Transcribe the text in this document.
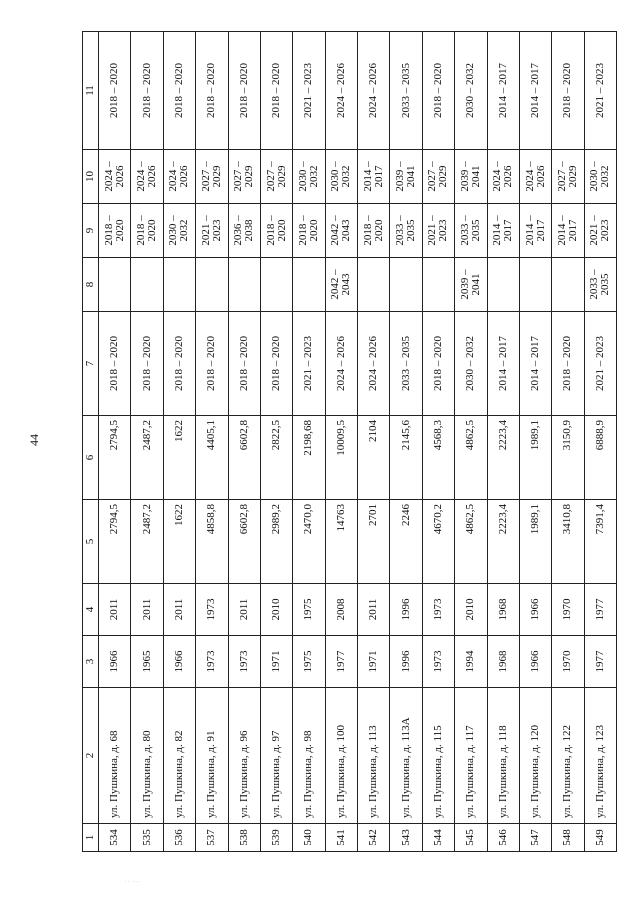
44
1	2	3	4	5	6	7	8	9	10	11
534	ул. Пушкина, д. 68	1966	2011	2794,5	2794,5	2018 – 2020		2018 – 2020	2024 – 2026	2018 – 2020
535	ул. Пушкина, д. 80	1965	2011	2487,2	2487,2	2018 – 2020		2018 – 2020	2024 – 2026	2018 – 2020
536	ул. Пушкина, д. 82	1966	2011	1622	1622	2018 – 2020		2030 – 2032	2024 – 2026	2018 – 2020
537	ул. Пушкина, д. 91	1973	1973	4858,8	4405,1	2018 – 2020		2021 – 2023	2027 – 2029	2018 – 2020
538	ул. Пушкина, д. 96	1973	2011	6602,8	6602,8	2018 – 2020		2036 – 2038	2027 – 2029	2018 – 2020
539	ул. Пушкина, д. 97	1971	2010	2989,2	2822,5	2018 – 2020		2018 – 2020	2027 – 2029	2018 – 2020
540	ул. Пушкина, д. 98	1975	1975	2470,0	2198,68	2021 – 2023		2018 – 2020	2030 – 2032	2021 – 2023
541	ул. Пушкина, д. 100	1977	2008	14763	10009,5	2024 – 2026	2042 – 2043	2042 – 2043	2030 – 2032	2024 – 2026
542	ул. Пушкина, д. 113	1971	2011	2701	2104	2024 – 2026		2018 – 2020	2014 – 2017	2024 – 2026
543	ул. Пушкина, д. 113А	1996	1996	2246	2145,6	2033 – 2035		2033 – 2035	2039 – 2041	2033 – 2035
544	ул. Пушкина, д. 115	1973	1973	4670,2	4568,3	2018 – 2020		2021 – 2023	2027 – 2029	2018 – 2020
545	ул. Пушкина, д. 117	1994	2010	4862,5	4862,5	2030 – 2032	2039 – 2041	2033 – 2035	2039 – 2041	2030 – 2032
546	ул. Пушкина, д. 118	1968	1968	2223,4	2223,4	2014 – 2017		2014 – 2017	2024 – 2026	2014 – 2017
547	ул. Пушкина, д. 120	1966	1966	1989,1	1989,1	2014 – 2017		2014 – 2017	2024 – 2026	2014 – 2017
548	ул. Пушкина, д. 122	1970	1970	3410,8	3150,9	2018 – 2020		2014 – 2017	2027 – 2029	2018 – 2020
549	ул. Пушкина, д. 123	1977	1977	7391,4	6888,9	2021 – 2023	2033 – 2035	2021 – 2023	2030 – 2032	2021 – 2023
·· ···
